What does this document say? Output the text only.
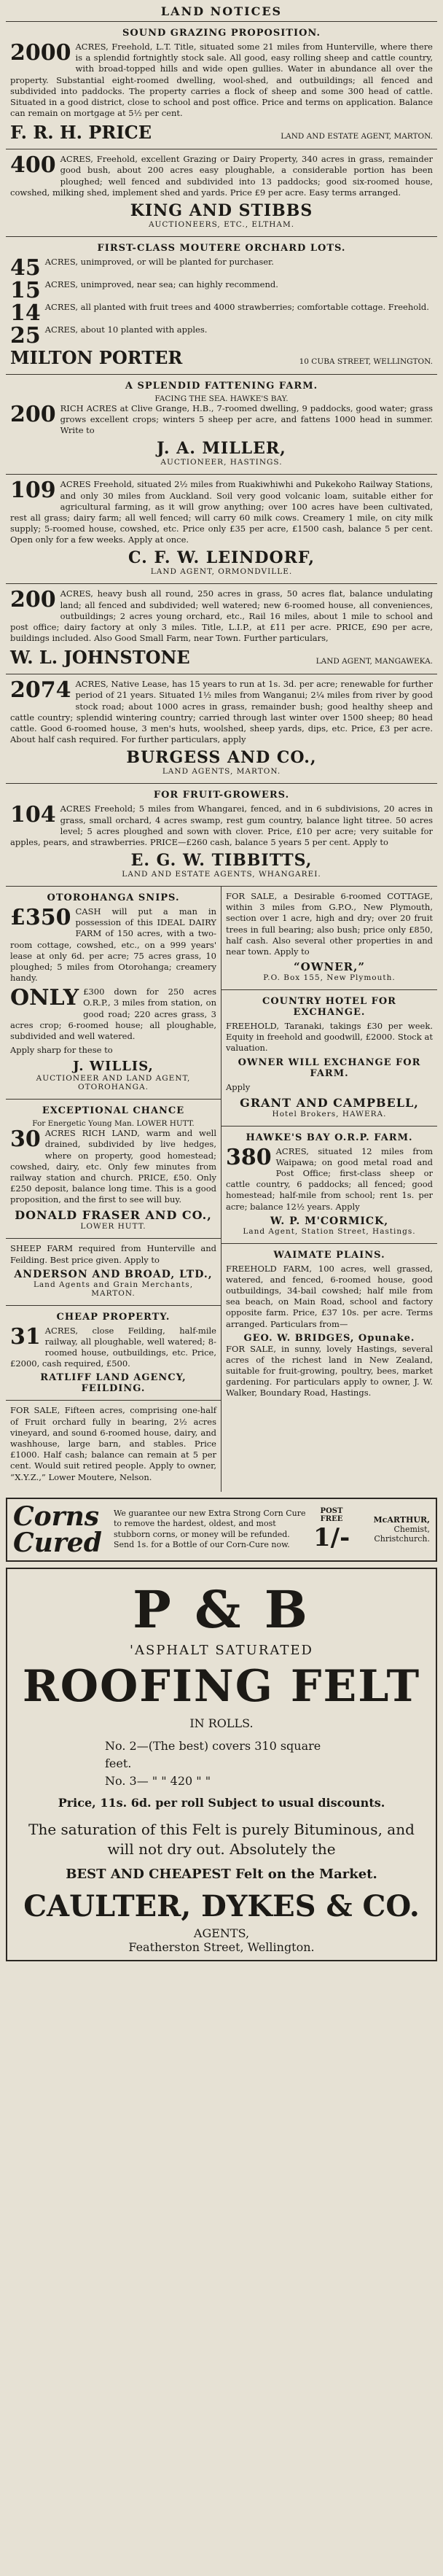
LAND NOTICES
SOUND GRAZING PROPOSITION.

2000 ACRES, Freehold, L.T. Title, situated some 21 miles from Hunterville, where there is a splendid fortnightly stock sale. All good, easy rolling sheep and cattle country, with broad-topped hills and wide open gullies. Water in abundance all over the property. Substantial eight-roomed dwelling, wool-shed, and outbuildings; all fenced and subdivided into paddocks. The property carries a flock of sheep and some 300 head of cattle. Situated in a good district, close to school and post office. Price and terms on application. Balance can remain on mortgage at 5½ per cent.

F. R. H. PRICE	LAND AND ESTATE AGENT, MARTON.

400 ACRES, Freehold, excellent Grazing or Dairy Property, 340 acres in grass, remainder good bush, about 200 acres easy ploughable, a considerable portion has been ploughed; well fenced and subdivided into 13 paddocks; good six-roomed house, cowshed, milking shed, implement shed and yards. Price £9 per acre. Easy terms arranged.

KING AND STIBBS
AUCTIONEERS, ETC., ELTHAM.
FIRST-CLASS MOUTERE ORCHARD LOTS.

45 ACRES, unimproved, or will be planted for purchaser.

15 ACRES, unimproved, near sea; can highly recommend.

14 ACRES, all planted with fruit trees and 4000 strawberries; comfortable cottage. Freehold.

25 ACRES, about 10 planted with apples.

MILTON PORTER	10 CUBA STREET, WELLINGTON.
A SPLENDID FATTENING FARM.
FACING THE SEA. HAWKE'S BAY.

200 RICH ACRES at Clive Grange, H.B., 7-roomed dwelling, 9 paddocks, good water; grass grows excellent crops; winters 5 sheep per acre, and fattens 1000 head in summer. Write to

J. A. MILLER,
AUCTIONEER, HASTINGS.

109 ACRES Freehold, situated 2½ miles from Ruakiwhiwhi and Pukekoho Railway Stations, and only 30 miles from Auckland. Soil very good volcanic loam, suitable either for agricultural farming, as it will grow anything; over 100 acres have been cultivated, rest all grass; dairy farm; all well fenced; will carry 60 milk cows. Creamery 1 mile, on city milk supply; 5-roomed house, cowshed, etc. Price only £35 per acre, £1500 cash, balance 5 per cent. Open only for a few weeks. Apply at once.

C. F. W. LEINDORF,
LAND AGENT, ORMONDVILLE.

200 ACRES, heavy bush all round, 250 acres in grass, 50 acres flat, balance undulating land; all fenced and subdivided; well watered; new 6-roomed house, all conveniences, outbuildings; 2 acres young orchard, etc., Rail 16 miles, about 1 mile to school and post office; dairy factory at only 3 miles. Title, L.I.P., at £11 per acre. PRICE, £90 per acre, buildings included. Also Good Small Farm, near Town. Further particulars,

W. L. JOHNSTONE	LAND AGENT, MANGAWEKA.

2074 ACRES, Native Lease, has 15 years to run at 1s. 3d. per acre; renewable for further period of 21 years. Situated 1½ miles from Wanganui; 2¼ miles from river by good stock road; about 1000 acres in grass, remainder bush; good healthy sheep and cattle country; splendid wintering country; carried through last winter over 1500 sheep; 80 head cattle. Good 6-roomed house, 3 men's huts, woolshed, sheep yards, dips, etc. Price, £3 per acre. About half cash required. For further particulars, apply

BURGESS AND CO.,
LAND AGENTS, MARTON.
FOR FRUIT-GROWERS.

104 ACRES Freehold; 5 miles from Whangarei, fenced, and in 6 subdivisions, 20 acres in grass, small orchard, 4 acres swamp, rest gum country, balance light titree. 50 acres level; 5 acres ploughed and sown with clover. Price, £10 per acre; very suitable for apples, pears, and strawberries. PRICE—£260 cash, balance 5 years 5 per cent. Apply to

E. G. W. TIBBITTS,
LAND AND ESTATE AGENTS, WHANGAREI.
OTOROHANGA SNIPS.

£350 CASH will put a man in possession of this IDEAL DAIRY FARM of 150 acres, with a two-room cottage, cowshed, etc., on a 999 years' lease at only 6d. per acre; 75 acres grass, 10 ploughed; 5 miles from Otorohanga; creamery handy.

ONLY £300 down for 250 acres O.R.P., 3 miles from station, on good road; 220 acres grass, 3 acres crop; 6-roomed house; all ploughable, subdivided and well watered.

Apply sharp for these to

J. WILLIS,
AUCTIONEER AND LAND AGENT, OTOROHANGA.
EXCEPTIONAL CHANCE
For Energetic Young Man. LOWER HUTT.

30 ACRES RICH LAND, warm and well drained, subdivided by live hedges, where on property, good homestead; cowshed, dairy, etc. Only few minutes from railway station and church. PRICE, £50. Only £250 deposit, balance long time. This is a good proposition, and the first to see will buy.

DONALD FRASER AND CO.,
LOWER HUTT.

SHEEP FARM required from Hunterville and Feilding. Best price given. Apply to

ANDERSON AND BROAD, LTD.,
Land Agents and Grain Merchants, MARTON.
CHEAP PROPERTY.

31 ACRES, close Feilding, half-mile railway, all ploughable, well watered; 8-roomed house, outbuildings, etc. Price, £2000, cash required, £500.

RATLIFF LAND AGENCY, FEILDING.

FOR SALE, Fifteen acres, comprising one-half of Fruit orchard fully in bearing, 2½ acres vineyard, and sound 6-roomed house, dairy, and washhouse, large barn, and stables. Price £1000. Half cash; balance can remain at 5 per cent. Would suit retired people. Apply to owner, “X.Y.Z.,” Lower Moutere, Nelson.

FOR SALE, a Desirable 6-roomed COTTAGE, within 3 miles from G.P.O., New Plymouth, section over 1 acre, high and dry; over 20 fruit trees in full bearing; also bush; price only £850, half cash. Also several other properties in and near town. Apply to

“OWNER,”
P.O. Box 155, New Plymouth.
COUNTRY HOTEL FOR EXCHANGE.

FREEHOLD, Taranaki, takings £30 per week. Equity in freehold and goodwill, £2000. Stock at valuation.

OWNER WILL EXCHANGE FOR FARM.

Apply

GRANT AND CAMPBELL,
Hotel Brokers, HAWERA.
HAWKE'S BAY O.R.P. FARM.

380 ACRES, situated 12 miles from Waipawa; on good metal road and Post Office; first-class sheep or cattle country, 6 paddocks; all fenced; good homestead; half-mile from school; rent 1s. per acre; balance 12½ years. Apply

W. P. M'CORMICK,
Land Agent, Station Street, Hastings.
WAIMATE PLAINS.

FREEHOLD FARM, 100 acres, well grassed, watered, and fenced, 6-roomed house, good outbuildings, 34-bail cowshed; half mile from sea beach, on Main Road, school and factory opposite farm. Price, £37 10s. per acre. Terms arranged. Particulars from—

GEO. W. BRIDGES, Opunake.

FOR SALE, in sunny, lovely Hastings, several acres of the richest land in New Zealand, suitable for fruit-growing, poultry, bees, market gardening. For particulars apply to owner, J. W. Walker, Boundary Road, Hastings.

Corns
Cured
We guarantee our new Extra Strong Corn Cure to remove the hardest, oldest, and most stubborn corns, or money will be refunded. Send 1s. for a Bottle of our Corn-Cure now.
POST FREE
1/-
McARTHUR,
Chemist, Christchurch.
P & B
'ASPHALT SATURATED
ROOFING FELT
IN ROLLS.
No. 2—(The best) covers 310 square feet.
No. 3— " " 420 " "
Price, 11s. 6d. per roll Subject to usual discounts.
The saturation of this Felt is purely Bituminous, and will not dry out. Absolutely the
BEST AND CHEAPEST Felt on the Market.
CAULTER, DYKES & CO.
AGENTS,
Featherston Street, Wellington.
